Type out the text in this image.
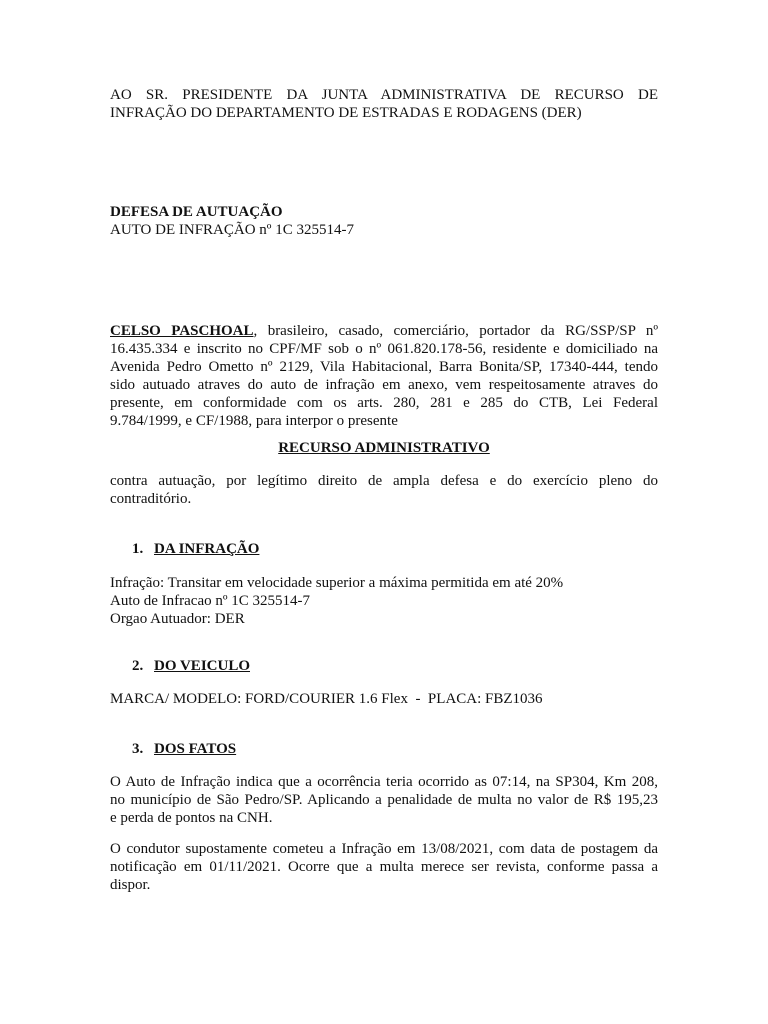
AO SR. PRESIDENTE DA JUNTA ADMINISTRATIVA DE RECURSO DE
INFRAÇÃO DO DEPARTAMENTO DE ESTRADAS E RODAGENS (DER)
DEFESA DE AUTUAÇÃO
AUTO DE INFRAÇÃO nº 1C 325514-7
CELSO PASCHOAL, brasileiro, casado, comerciário, portador da RG/SSP/SP nº
16.435.334 e inscrito no CPF/MF sob o nº 061.820.178-56, residente e domiciliado na
Avenida Pedro Ometto nº 2129, Vila Habitacional, Barra Bonita/SP, 17340-444, tendo
sido autuado atraves do auto de infração em anexo, vem respeitosamente atraves do
presente, em conformidade com os arts. 280, 281 e 285 do CTB, Lei Federal
9.784/1999, e CF/1988, para interpor o presente
RECURSO ADMINISTRATIVO
contra autuação, por legítimo direito de ampla defesa e do exercício pleno do
contraditório.
1. DA INFRAÇÃO
Infração: Transitar em velocidade superior a máxima permitida em até 20%
Auto de Infracao nº 1C 325514-7
Orgao Autuador: DER
2. DO VEICULO
MARCA/ MODELO: FORD/COURIER 1.6 Flex  -  PLACA: FBZ1036
3. DOS FATOS
O Auto de Infração indica que a ocorrência teria ocorrido as 07:14, na SP304, Km 208,
no município de São Pedro/SP. Aplicando a penalidade de multa no valor de R$ 195,23
e perda de pontos na CNH.
O condutor supostamente cometeu a Infração em 13/08/2021, com data de postagem da
notificação em 01/11/2021. Ocorre que a multa merece ser revista, conforme passa a
dispor.
